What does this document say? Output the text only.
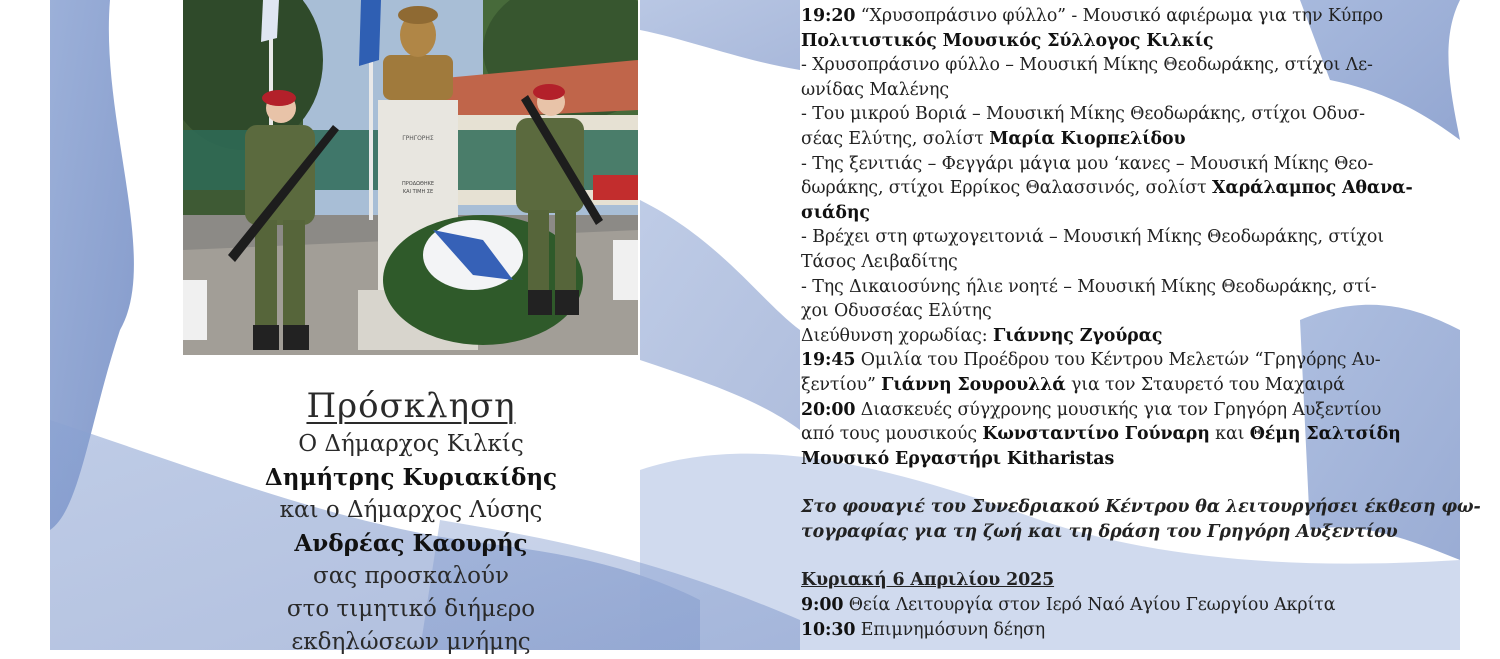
ΓΡΗΓΟΡΗΣ
ΠΡΟΔΩΘΗΚΕ
ΚΑΙ ΤΙΜΗ ΣΕ
Πρόσκληση
Ο Δήμαρχος Κιλκίς
Δημήτρης Κυριακίδης
και ο Δήμαρχος Λύσης
Ανδρέας Καουρής
σας προσκαλούν
στο τιμητικό διήμερο
εκδηλώσεων μνήμης
19:20 “Χρυσοπράσινο φύλλο” - Μουσικό αφιέρωμα για την Κύπρο
Πολιτιστικός Μουσικός Σύλλογος Κιλκίς
- Χρυσοπράσινο φύλλο – Μουσική Μίκης Θεοδωράκης, στίχοι Λε-
ωνίδας Μαλένης
- Του μικρού Βοριά – Μουσική Μίκης Θεοδωράκης, στίχοι Οδυσ-
σέας Ελύτης, σολίστ Μαρία Κιορπελίδου
- Της ξενιτιάς – Φεγγάρι μάγια μου ‘κανες – Μουσική Μίκης Θεο-
δωράκης, στίχοι Ερρίκος Θαλασσινός, σολίστ Χαράλαμπος Αθανα-
σιάδης
- Βρέχει στη φτωχογειτονιά – Μουσική Μίκης Θεοδωράκης, στίχοι
Τάσος Λειβαδίτης
- Της Δικαιοσύνης ήλιε νοητέ – Μουσική Μίκης Θεοδωράκης, στί-
χοι Οδυσσέας Ελύτης
Διεύθυνση χορωδίας: Γιάννης Ζγούρας
19:45 Ομιλία του Προέδρου του Κέντρου Μελετών “Γρηγόρης Αυ-
ξεντίου” Γιάννη Σουρουλλά για τον Σταυρετό του Μαχαιρά
20:00 Διασκευές σύγχρονης μουσικής για τον Γρηγόρη Αυξεντίου
από τους μουσικούς Κωνσταντίνο Γούναρη και Θέμη Σαλτσίδη
Μουσικό Εργαστήρι Kitharistas
Στο φουαγιέ του Συνεδριακού Κέντρου θα λειτουργήσει έκθεση φω-
τογραφίας για τη ζωή και τη δράση του Γρηγόρη Αυξεντίου
Κυριακή 6 Απριλίου 2025
9:00 Θεία Λειτουργία στον Ιερό Ναό Αγίου Γεωργίου Ακρίτα
10:30 Επιμνημόσυνη δέηση
